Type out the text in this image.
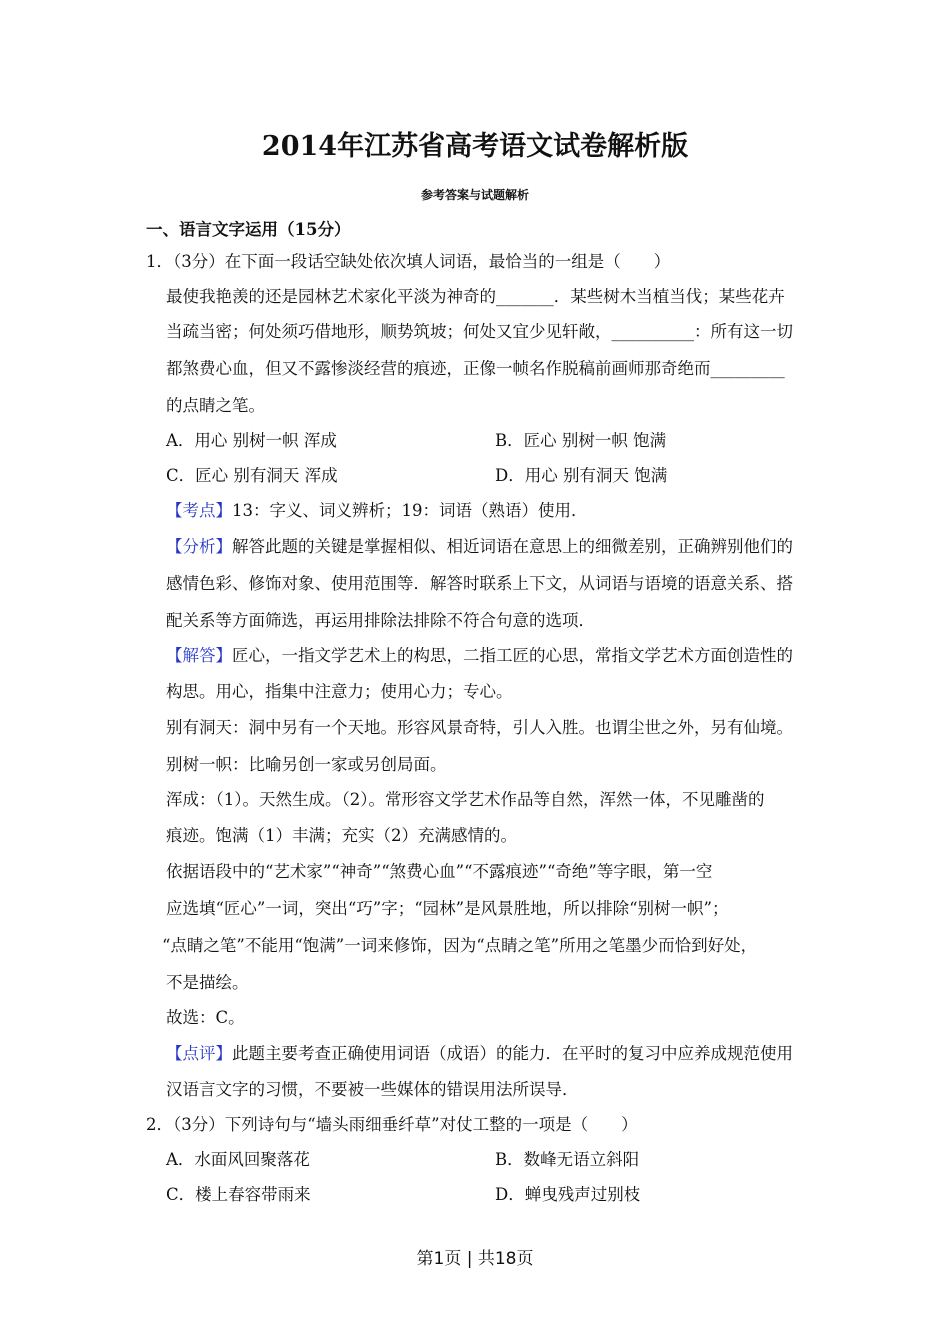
2014年江苏省高考语文试卷解析版
参考答案与试题解析
一、语言文字运用（15分）
1．（3分）在下面一段话空缺处依次填人词语，最恰当的一组是（　　）
最使我艳羡的还是园林艺术家化平淡为神奇的_______．某些树木当植当伐；某些花卉
当疏当密；何处须巧借地形，顺势筑坡；何处又宜少见轩敞，__________：所有这一切
都煞费心血，但又不露惨淡经营的痕迹，正像一帧名作脱稿前画师那奇绝而_________
的点睛之笔。
A．用心 别树一帜 浑成	B．匠心 别树一帜 饱满
C．匠心 别有洞天 浑成	D．用心 别有洞天 饱满
【考点】13：字义、词义辨析；19：词语（熟语）使用．
【分析】解答此题的关键是掌握相似、相近词语在意思上的细微差别，正确辨别他们的
感情色彩、修饰对象、使用范围等．解答时联系上下文，从词语与语境的语意关系、搭
配关系等方面筛选，再运用排除法排除不符合句意的选项．
【解答】匠心，一指文学艺术上的构思，二指工匠的心思，常指文学艺术方面创造性的
构思。用心，指集中注意力；使用心力；专心。
别有洞天：洞中另有一个天地。形容风景奇特，引人入胜。也谓尘世之外，另有仙境。
别树一帜：比喻另创一家或另创局面。
浑成：（1）。天然生成。（2）。常形容文学艺术作品等自然，浑然一体，不见雕凿的
痕迹。饱满（1）丰满；充实（2）充满感情的。
依据语段中的“艺术家”“神奇”“煞费心血”“不露痕迹”“奇绝”等字眼，第一空
应选填“匠心”一词，突出“巧”字；“园林”是风景胜地，所以排除“别树一帜”；
“点睛之笔”不能用“饱满”一词来修饰，因为“点睛之笔”所用之笔墨少而恰到好处，
不是描绘。
故选：C。
【点评】此题主要考查正确使用词语（成语）的能力．在平时的复习中应养成规范使用
汉语言文字的习惯，不要被一些媒体的错误用法所误导．
2．（3分）下列诗句与“墙头雨细垂纤草”对仗工整的一项是（　　）
A．水面风回聚落花	B．数峰无语立斜阳
C．楼上春容带雨来	D．蝉曳残声过别枝
第1页 | 共18页
